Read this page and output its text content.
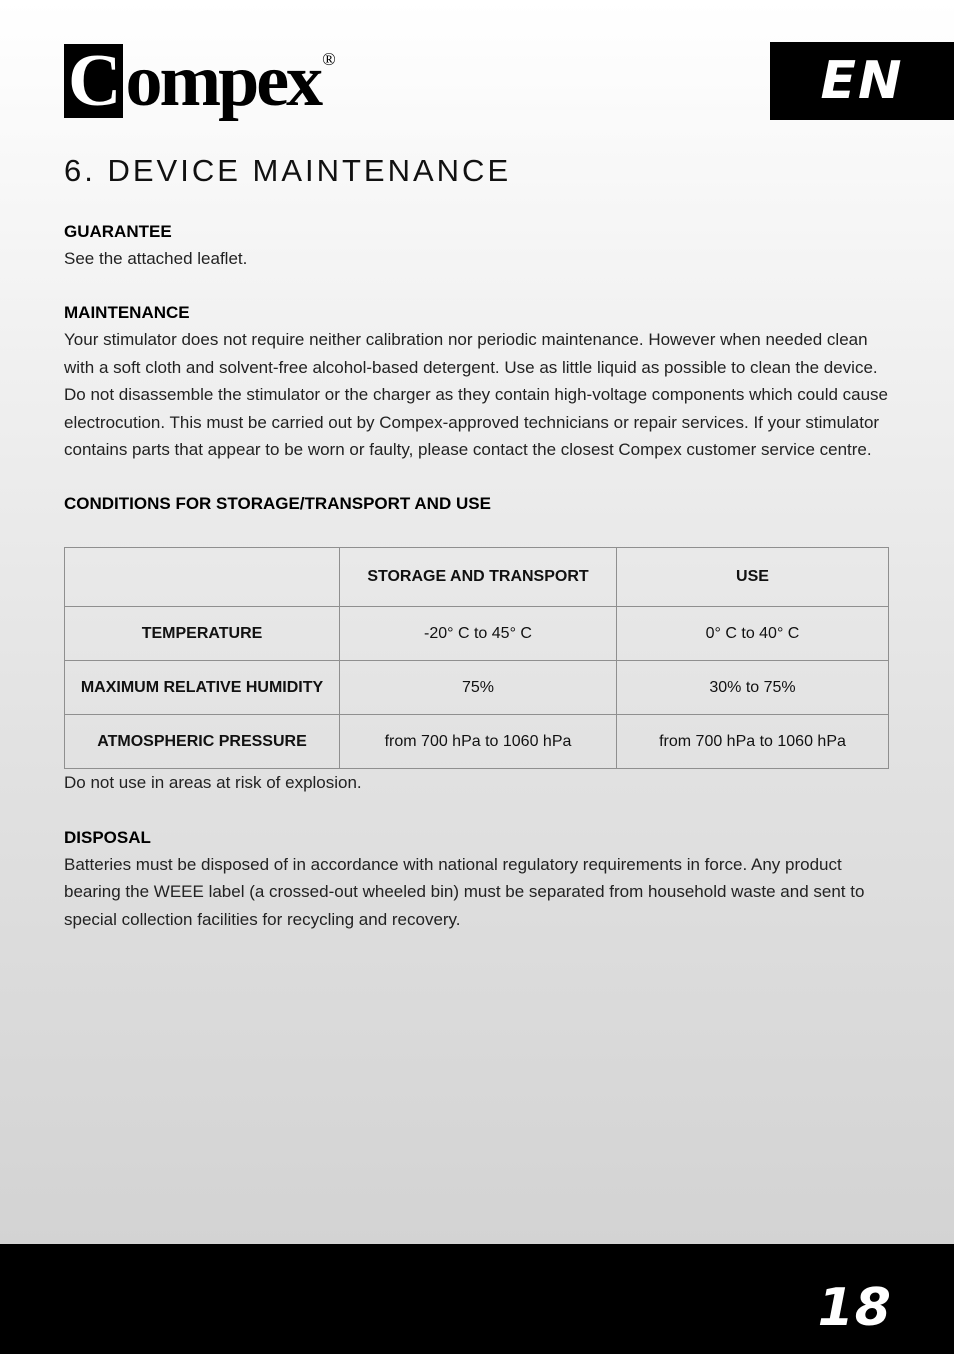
Compex ®	EN
6. DEVICE MAINTENANCE
GUARANTEE

See the attached leaflet.

MAINTENANCE

Your stimulator does not require neither calibration nor periodic maintenance. However when needed clean with a soft cloth and solvent-free alcohol-based detergent. Use as little liquid as possible to clean the device. Do not disassemble the stimulator or the charger as they contain high-voltage components which could cause electrocution. This must be carried out by Compex-approved technicians or repair services. If your stimulator contains parts that appear to be worn or faulty, please contact the closest Compex customer service centre.

CONDITIONS FOR STORAGE/TRANSPORT AND USE
	STORAGE AND TRANSPORT	USE
TEMPERATURE	-20° C to 45° C	0° C to 40° C
MAXIMUM RELATIVE HUMIDITY	75%	30% to 75%
ATMOSPHERIC PRESSURE	from 700 hPa to 1060 hPa	from 700 hPa to 1060 hPa

Do not use in areas at risk of explosion.

DISPOSAL

Batteries must be disposed of in accordance with national regulatory requirements in force. Any product bearing the WEEE label (a crossed-out wheeled bin) must be separated from household waste and sent to special collection facilities for recycling and recovery.

18
